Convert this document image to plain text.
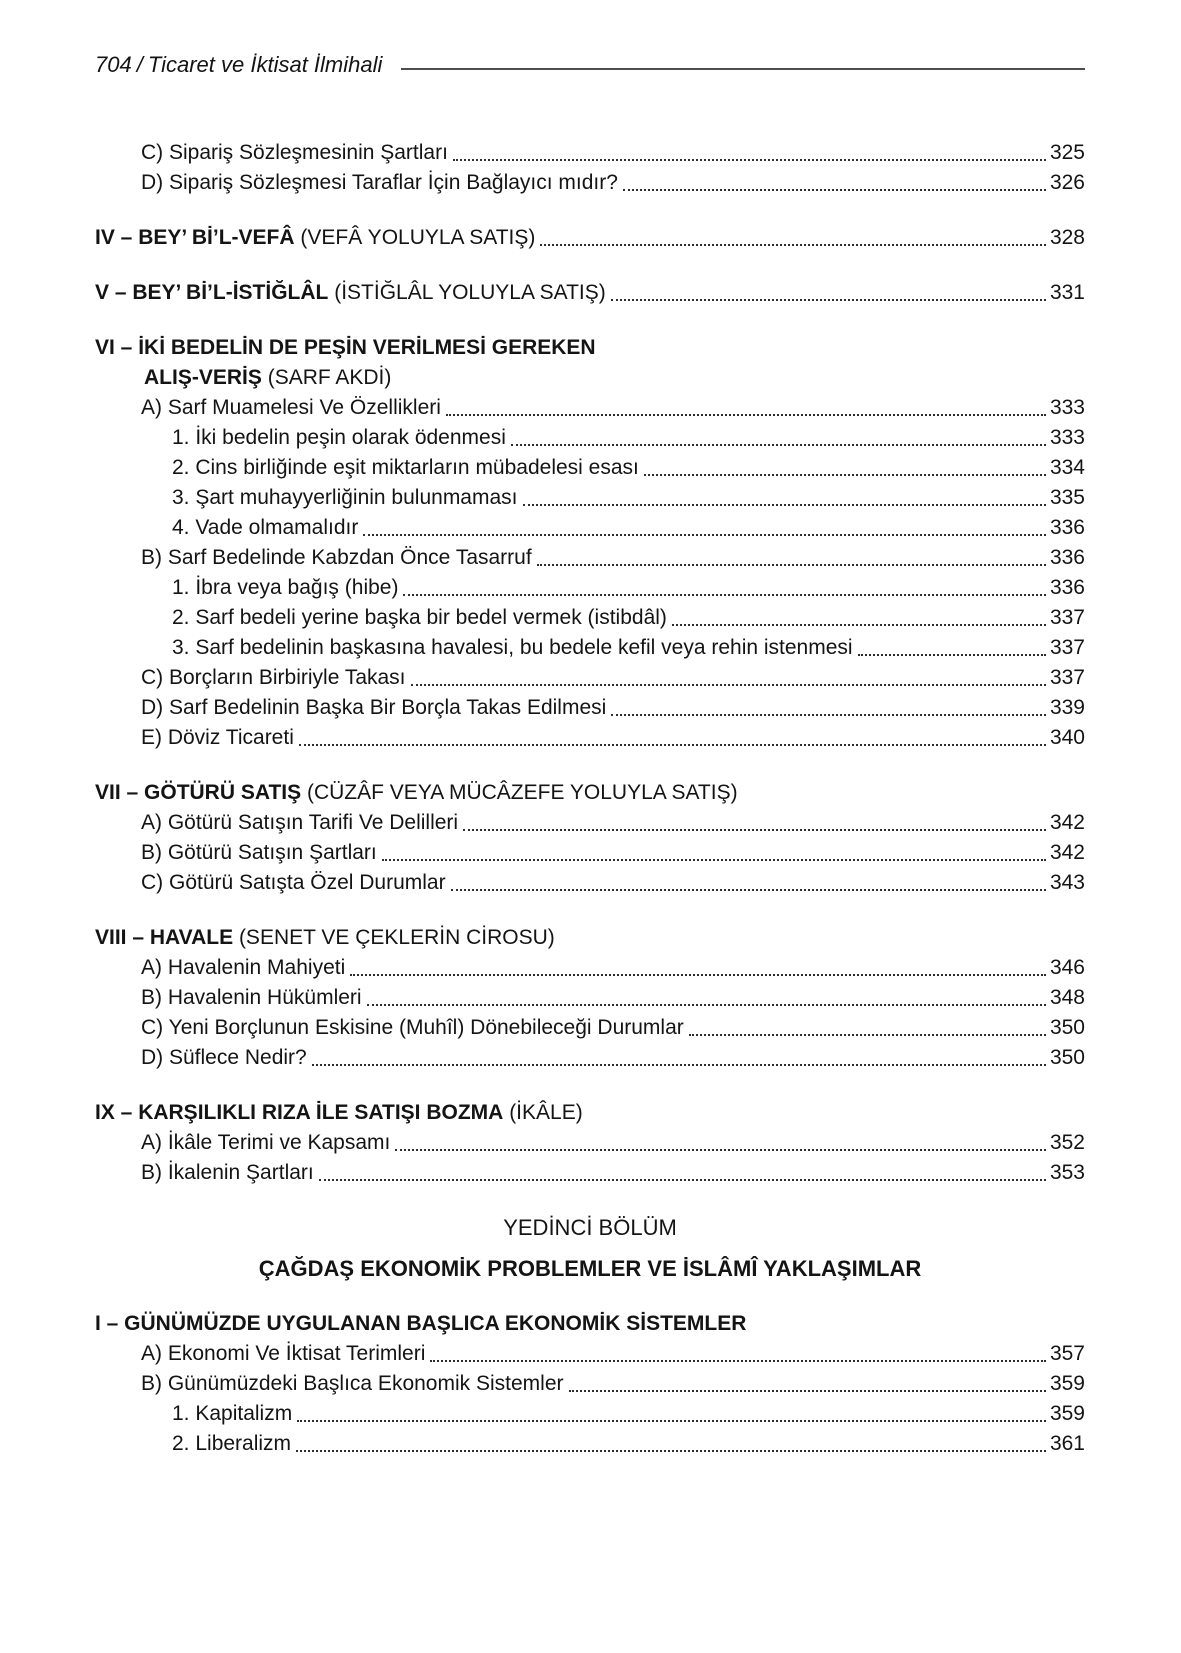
704 / Ticaret ve İktisat İlmihali
C) Sipariş Sözleşmesinin Şartları	325
D) Sipariş Sözleşmesi Taraflar İçin Bağlayıcı mıdır?	326
IV – BEY’ Bİ’L-VEFÂ (VEFÂ YOLUYLA SATIŞ)	328
V – BEY’ Bİ’L-İSTİĞLÂL (İSTİĞLÂL YOLUYLA SATIŞ)	331
VI – İKİ BEDELİN DE PEŞİN VERİLMESİ GEREKEN
ALIŞ-VERİŞ (SARF AKDİ)
A) Sarf Muamelesi Ve Özellikleri	333
1. İki bedelin peşin olarak ödenmesi	333
2. Cins birliğinde eşit miktarların mübadelesi esası	334
3. Şart muhayyerliğinin bulunmaması	335
4. Vade olmamalıdır	336
B) Sarf Bedelinde Kabzdan Önce Tasarruf	336
1. İbra veya bağış (hibe)	336
2. Sarf bedeli yerine başka bir bedel vermek (istibdâl)	337
3. Sarf bedelinin başkasına havalesi, bu bedele kefil veya rehin istenmesi	337
C) Borçların Birbiriyle Takası	337
D) Sarf Bedelinin Başka Bir Borçla Takas Edilmesi	339
E) Döviz Ticareti	340
VII – GÖTÜRÜ SATIŞ (CÜZÂF VEYA MÜCÂZEFE YOLUYLA SATIŞ)
A) Götürü Satışın Tarifi Ve Delilleri	342
B) Götürü Satışın Şartları	342
C) Götürü Satışta Özel Durumlar	343
VIII – HAVALE (SENET VE ÇEKLERİN CİROSU)
A) Havalenin Mahiyeti	346
B) Havalenin Hükümleri	348
C) Yeni Borçlunun Eskisine (Muhîl) Dönebileceği Durumlar	350
D) Süflece Nedir?	350
IX – KARŞILIKLI RIZA İLE SATIŞI BOZMA (İKÂLE)
A) İkâle Terimi ve Kapsamı	352
B) İkalenin Şartları	353
YEDİNCİ BÖLÜM
ÇAĞDAŞ EKONOMİK PROBLEMLER VE İSLÂMÎ YAKLAŞIMLAR
I – GÜNÜMÜZDE UYGULANAN BAŞLICA EKONOMİK SİSTEMLER
A) Ekonomi Ve İktisat Terimleri	357
B) Günümüzdeki Başlıca Ekonomik Sistemler	359
1. Kapitalizm	359
2. Liberalizm	361
